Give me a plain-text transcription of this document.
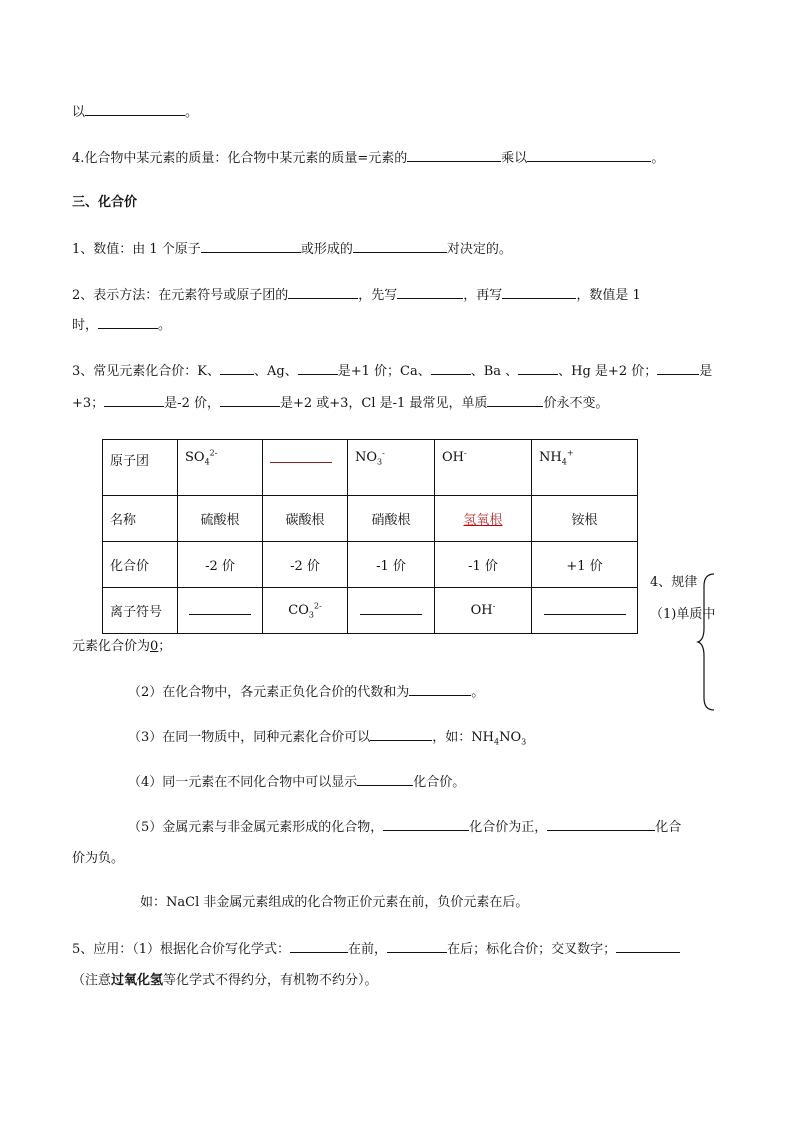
以	。
4.化合物中某元素的质量：化合物中某元素的质量=元素的	乘以	。
三、化合价
1、数值：由 1 个原子	或形成的	对决定的。
2、表示方法：在元素符号或原子团的	，先写	，再写	，数值是 1
时，	。
3、常见元素化合价：K、	、Ag、	是+1 价；Ca、	、Ba 、	、Hg 是+2 价；	是
+3；	是-2 价，	是+2 或+3，Cl 是-1 最常见，单质	价永不变。
原子团	$SO_4^{2-}$		$NO_3^-$	OH-	$NH_4^+$
名称	硫酸根	碳酸根	硝酸根	氢氧根	铵根
化合价	-2 价	-2 价	-1 价	-1 价	+1 价
离子符号		$CO_3^{2-}$		OH-	
4、规律
（1)单质中
元素化合价为0；
（2）在化合物中，各元素正负化合价的代数和为	。
（3）在同一物质中，同种元素化合价可以	，如：$NH_4NO_3$
（4）同一元素在不同化合物中可以显示	化合价。
（5）金属元素与非金属元素形成的化合物，	化合价为正，	化合
价为负。
如：NaCl 非金属元素组成的化合物正价元素在前，负价元素在后。
5、应用：（1）根据化合价写化学式：	在前，	在后；标化合价；交叉数字；
（注意过氧化氢等化学式不得约分，有机物不约分）。
